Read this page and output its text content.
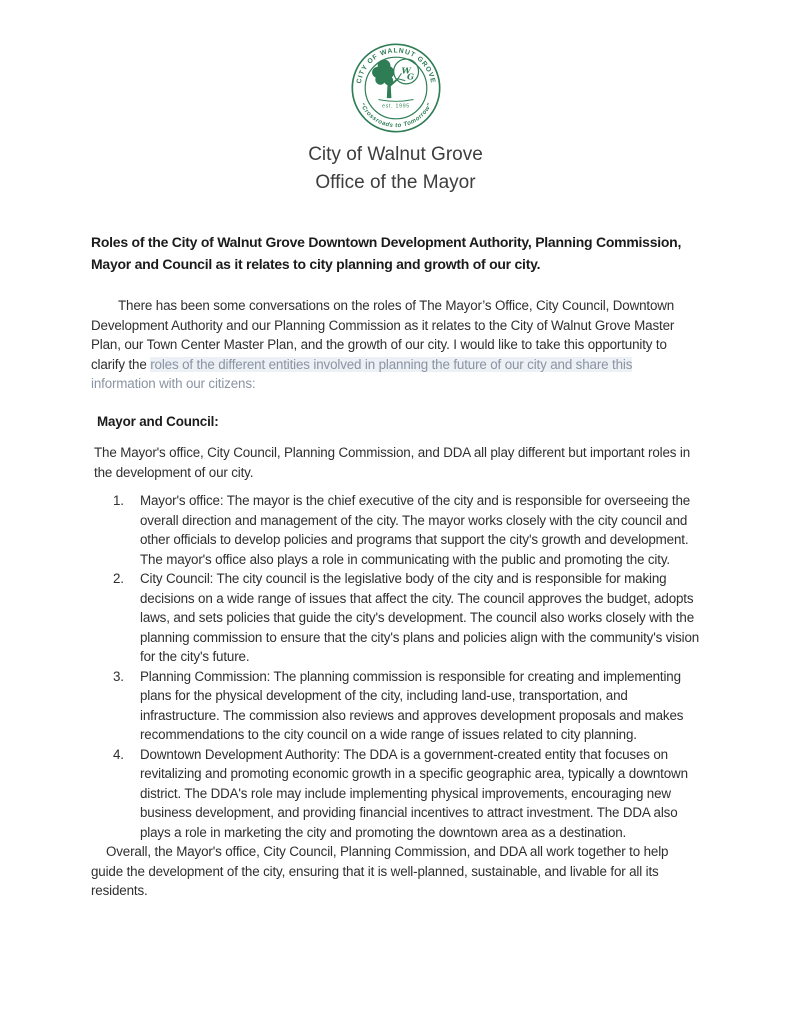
CITY OF WALNUT GROVE
“Crossroads to Tomorrow”
W
G
est. 1995
City of Walnut Grove
Office of the Mayor

Roles of the City of Walnut Grove Downtown Development Authority, Planning Commission, Mayor and Council as it relates to city planning and growth of our city.

There has been some conversations on the roles of The Mayor’s Office, City Council, Downtown Development Authority and our Planning Commission as it relates to the City of Walnut Grove Master Plan, our Town Center Master Plan, and the growth of our city. I would like to take this opportunity to clarify the roles of the different entities involved in planning the future of our city and share this information with our citizens:

Mayor and Council:

The Mayor's office, City Council, Planning Commission, and DDA all play different but important roles in the development of our city.

1.	Mayor's office: The mayor is the chief executive of the city and is responsible for overseeing the overall direction and management of the city. The mayor works closely with the city council and other officials to develop policies and programs that support the city's growth and development. The mayor's office also plays a role in communicating with the public and promoting the city.
2.	City Council: The city council is the legislative body of the city and is responsible for making decisions on a wide range of issues that affect the city. The council approves the budget, adopts laws, and sets policies that guide the city's development. The council also works closely with the planning commission to ensure that the city's plans and policies align with the community's vision for the city's future.
3.	Planning Commission: The planning commission is responsible for creating and implementing plans for the physical development of the city, including land-use, transportation, and infrastructure. The commission also reviews and approves development proposals and makes recommendations to the city council on a wide range of issues related to city planning.
4.	Downtown Development Authority: The DDA is a government-created entity that focuses on revitalizing and promoting economic growth in a specific geographic area, typically a downtown district. The DDA's role may include implementing physical improvements, encouraging new business development, and providing financial incentives to attract investment. The DDA also plays a role in marketing the city and promoting the downtown area as a destination.

Overall, the Mayor's office, City Council, Planning Commission, and DDA all work together to help guide the development of the city, ensuring that it is well-planned, sustainable, and livable for all its residents.
